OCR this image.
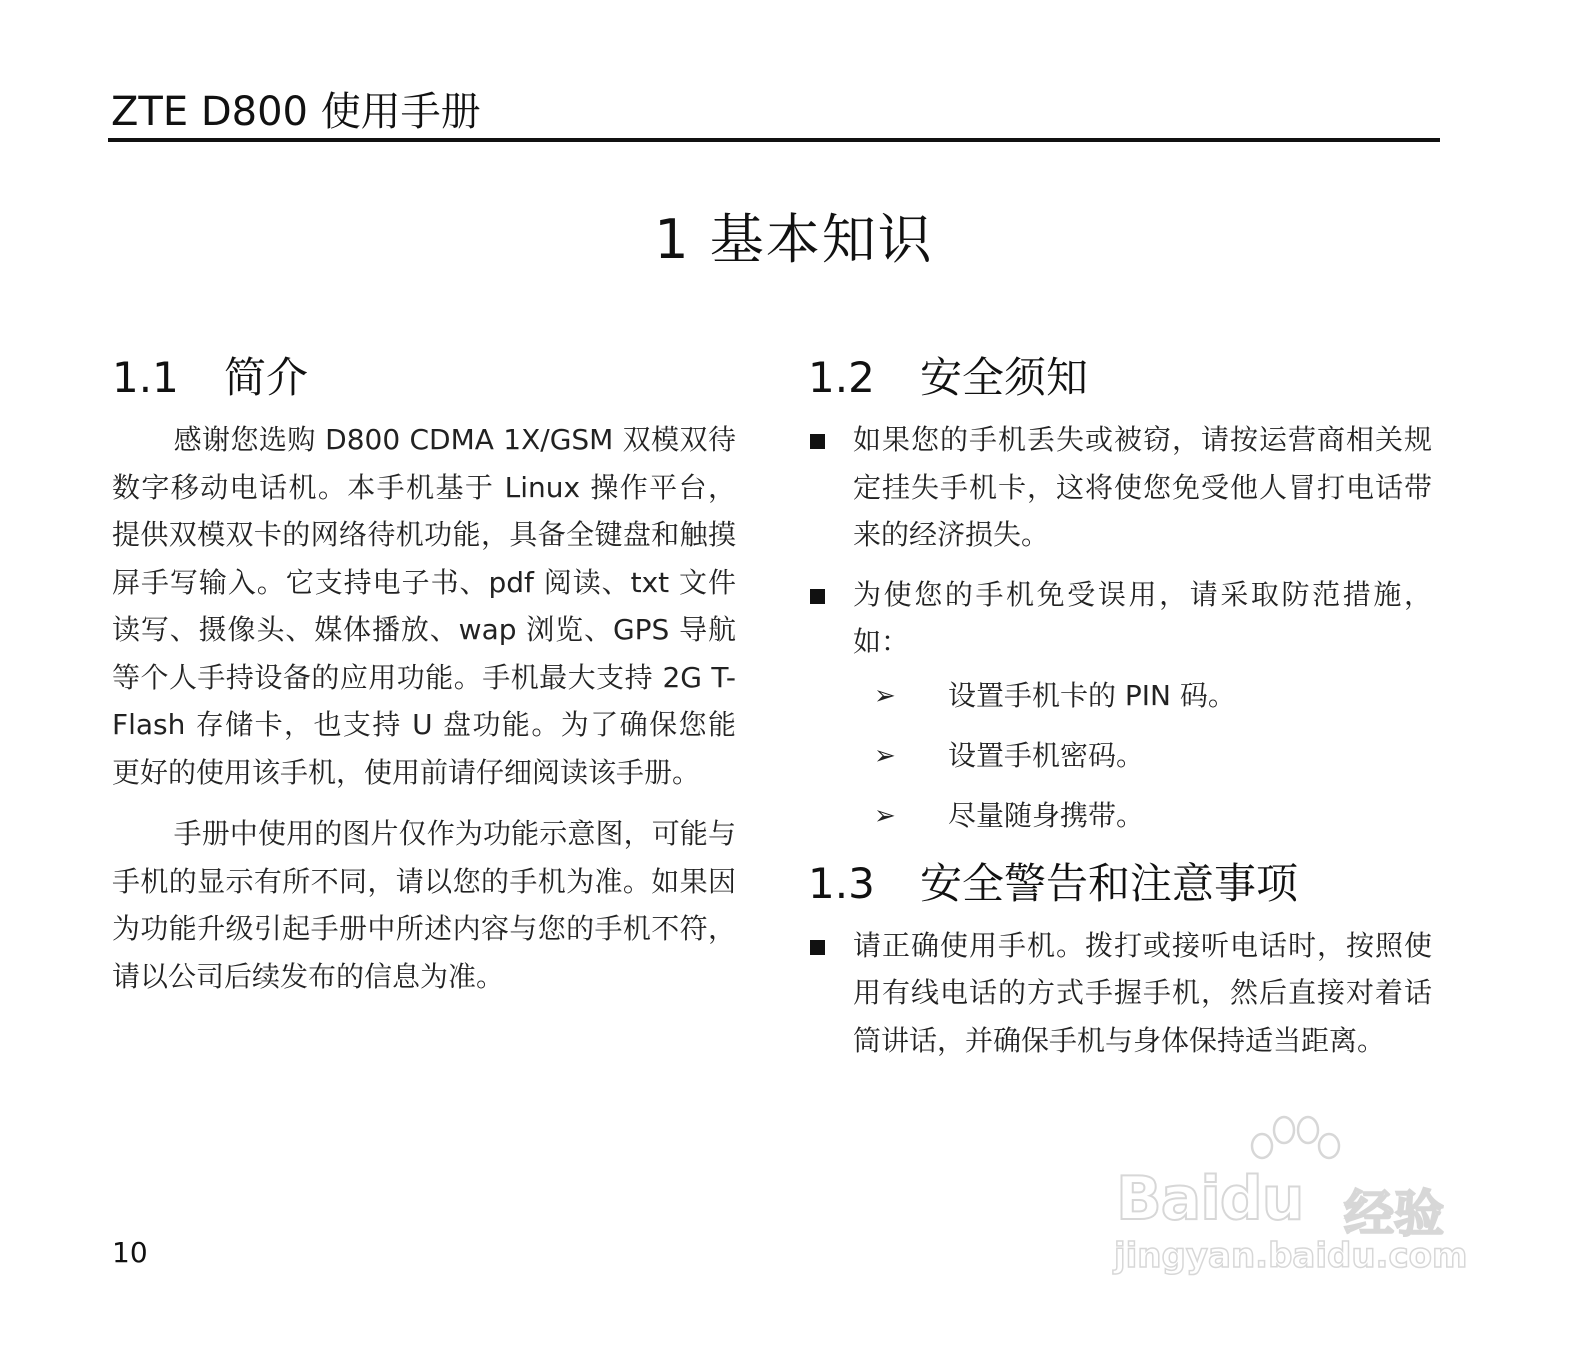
ZTE D800 使用手册
1 基本知识
1.1 简介

感谢您选购 D800 CDMA 1X/GSM 双模双待数字移动电话机。本手机基于 Linux 操作平台，提供双模双卡的网络待机功能，具备全键盘和触摸屏手写输入。它支持电子书、pdf 阅读、txt 文件读写、摄像头、媒体播放、wap 浏览、GPS 导航等个人手持设备的应用功能。手机最大支持 2G T-Flash 存储卡，也支持 U 盘功能。为了确保您能更好的使用该手机，使用前请仔细阅读该手册。

手册中使用的图片仅作为功能示意图，可能与手机的显示有所不同，请以您的手机为准。如果因为功能升级引起手册中所述内容与您的手机不符，请以公司后续发布的信息为准。

1.2 安全须知
如果您的手机丢失或被窃，请按运营商相关规定挂失手机卡，这将使您免受他人冒打电话带来的经济损失。
为使您的手机免受误用，请采取防范措施，如：
➢ 设置手机卡的 PIN 码。
➢ 设置手机密码。
➢ 尽量随身携带。
1.3 安全警告和注意事项
请正确使用手机。拨打或接听电话时，按照使用有线电话的方式手握手机，然后直接对着话筒讲话，并确保手机与身体保持适当距离。
10
Baidu 经验
jingyan.baidu.com
